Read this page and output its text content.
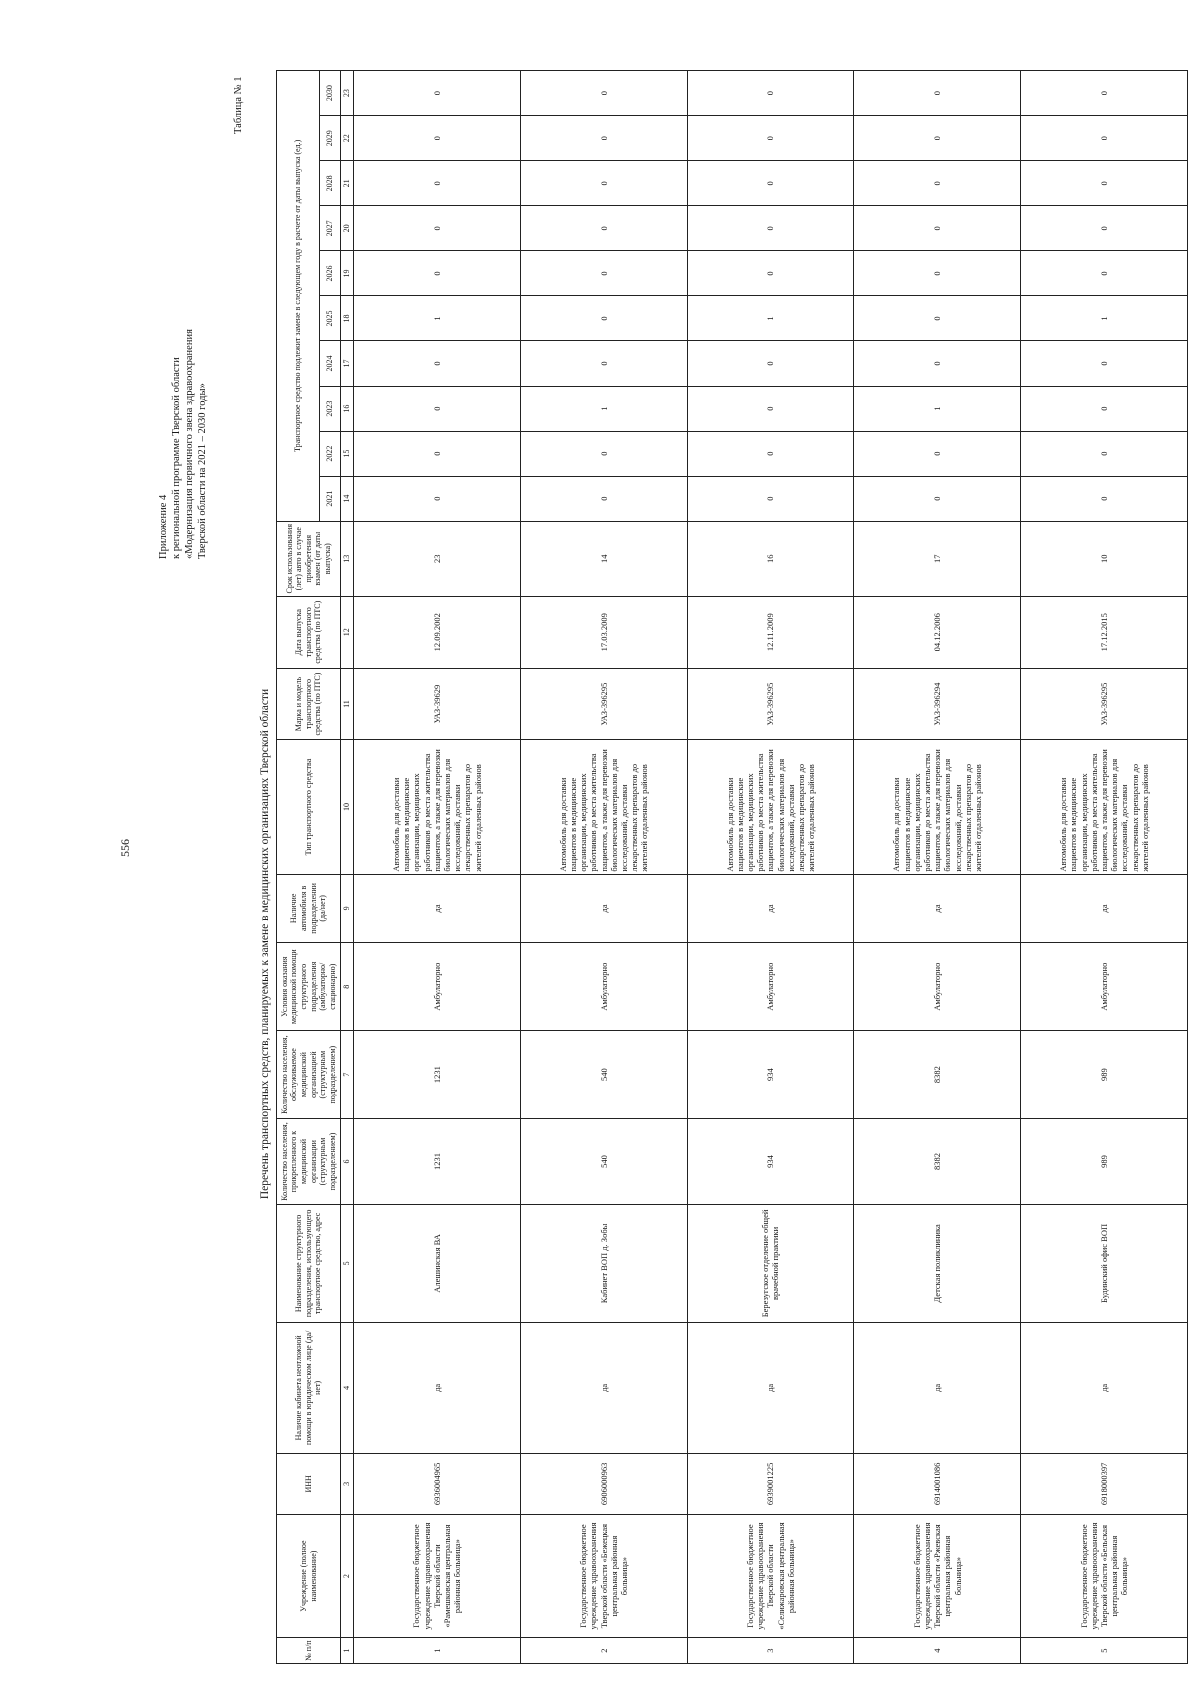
556
Приложение 4 к региональной программе Тверской области «Модернизация первичного звена здравоохранения Тверской области на 2021 – 2030 годы»
Таблица № 1
Перечень транспортных средств, планируемых к замене в медицинских организациях Тверской области
№ п/п	Учреждение (полное наименование)	ИНН	Наличие кабинета неотложной помощи в юридическом лице (да/нет)	Наименование структурного подразделения, использующего транспортное средство, адрес	Количество населения, прикрепленного к медицинской организации (структурным подразделением)	Количество населения, обслуживаемое медицинской организацией (структурным подразделением)	Условия оказания медицинской помощи структурного подразделения (амбулаторно/ стационарно)	Наличие автомобиля в подразделении (да/нет)	Тип транспортного средства	Марка и модель транспортного средства (по ПТС)	Дата выпуска транспортного средства (по ПТС)	Срок использования (лет) авто в случае приобретения взамен (от даты выпуска)	Транспортное средство подлежит замене в следующем году в расчете от даты выпуска (ед.)									
													2021	2022	2023	2024	2025	2026	2027	2028	2029	2030
1	2	3	4	5	6	7	8	9	10	11	12	13	14	15	16	17	18	19	20	21	22	23
1	Государственное бюджетное учреждение здравоохранения Тверской области «Рамешковская центральная районная больница»	6936004965	да	Алешинская ВА	1231	1231	Амбулаторно	да	Автомобиль для доставки пациентов в медицинские организации, медицинских работников до места жительства пациентов, а также для перевозки биологических материалов для исследований, доставки лекарственных препаратов до жителей отдаленных районов	УАЗ-39629	12.09.2002	23	0	0	0	0	1	0	0	0	0	0
2	Государственное бюджетное учреждение здравоохранения Тверской области «Бежецкая центральная районная больница»	6906000963	да	Кабинет ВОП д. Зобы	540	540	Амбулаторно	да	Автомобиль для доставки пациентов в медицинские организации, медицинских работников до места жительства пациентов, а также для перевозки биологических материалов для исследований, доставки лекарственных препаратов до жителей отдаленных районов	УАЗ-396295	17.03.2009	14	0	0	1	0	0	0	0	0	0	0
3	Государственное бюджетное учреждение здравоохранения Тверской области «Селижаровская центральная районная больница»	6939001225	да	Березугское отделение общей врачебной практики	934	934	Амбулаторно	да	Автомобиль для доставки пациентов в медицинские организации, медицинских работников до места жительства пациентов, а также для перевозки биологических материалов для исследований, доставки лекарственных препаратов до жителей отдаленных районов	УАЗ-396295	12.11.2009	16	0	0	0	0	1	0	0	0	0	0
4	Государственное бюджетное учреждение здравоохранения Тверской области «Ржевская центральная районная больница»	6914001086	да	Детская поликлиника	8382	8382	Амбулаторно	да	Автомобиль для доставки пациентов в медицинские организации, медицинских работников до места жительства пациентов, а также для перевозки биологических материалов для исследований, доставки лекарственных препаратов до жителей отдаленных районов	УАЗ-396294	04.12.2006	17	0	0	1	0	0	0	0	0	0	0
5	Государственное бюджетное учреждение здравоохранения Тверской области «Бельская центральная районная больница»	6918000397	да	Будинский офис ВОП	989	989	Амбулаторно	да	Автомобиль для доставки пациентов в медицинские организации, медицинских работников до места жительства пациентов, а также для перевозки биологических материалов для исследований, доставки лекарственных препаратов до жителей отдаленных районов	УАЗ-396295	17.12.2015	10	0	0	0	0	1	0	0	0	0	0
